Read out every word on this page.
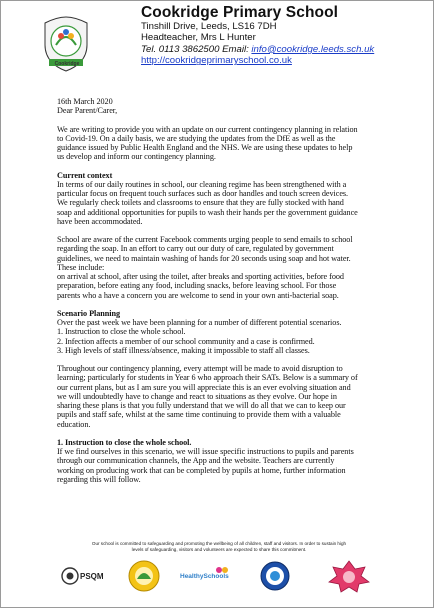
Cookridge
Cookridge Primary School
Tinshill Drive, Leeds, LS16 7DH
Headteacher, Mrs L Hunter
Tel. 0113 3862500 Email: info@cookridge.leeds.sch.uk
http://cookridgeprimaryschool.co.uk

16th March 2020

Dear Parent/Carer,

We are writing to provide you with an update on our current contingency planning in relation

to Covid-19. On a daily basis, we are studying the updates from the DfE as well as the

guidance issued by Public Health England and the NHS. We are using these updates to help

us develop and inform our contingency planning.

Current context

In terms of our daily routines in school, our cleaning regime has been strengthened with a

particular focus on frequent touch surfaces such as door handles and touch screen devices.

We regularly check toilets and classrooms to ensure that they are fully stocked with hand

soap and additional opportunities for pupils to wash their hands per the government guidance

have been accommodated.

School are aware of the current Facebook comments urging people to send emails to school

regarding the soap. In an effort to carry out our duty of care, regulated by government

guidelines, we need to maintain washing of hands for 20 seconds using soap and hot water.

These include:

on arrival at school, after using the toilet, after breaks and sporting activities, before food

preparation, before eating any food, including snacks, before leaving school. For those

parents who a have a concern you are welcome to send in your own anti-bacterial soap.

Scenario Planning

Over the past week we have been planning for a number of different potential scenarios.

1. Instruction to close the whole school.

2. Infection affects a member of our school community and a case is confirmed.

3. High levels of staff illness/absence, making it impossible to staff all classes.

Throughout our contingency planning, every attempt will be made to avoid disruption to

learning; particularly for students in Year 6 who approach their SATs. Below is a summary of

our current plans, but as I am sure you will appreciate this is an ever evolving situation and

we will undoubtedly have to change and react to situations as they evolve. Our hope in

sharing these plans is that you fully understand that we will do all that we can to keep our

pupils and staff safe, whilst at the same time continuing to provide them with a valuable

education.

1. Instruction to close the whole school.

If we find ourselves in this scenario, we will issue specific instructions to pupils and parents

through our communication channels, the App and the website. Teachers are currently

working on producing work that can be completed by pupils at home, further information

regarding this will follow.

Our school is committed to safeguarding and promoting the wellbeing of all children, staff and visitors. In order to sustain high
levels of safeguarding, visitors and volunteers are expected to share this commitment.
PSQM	HealthySchools
